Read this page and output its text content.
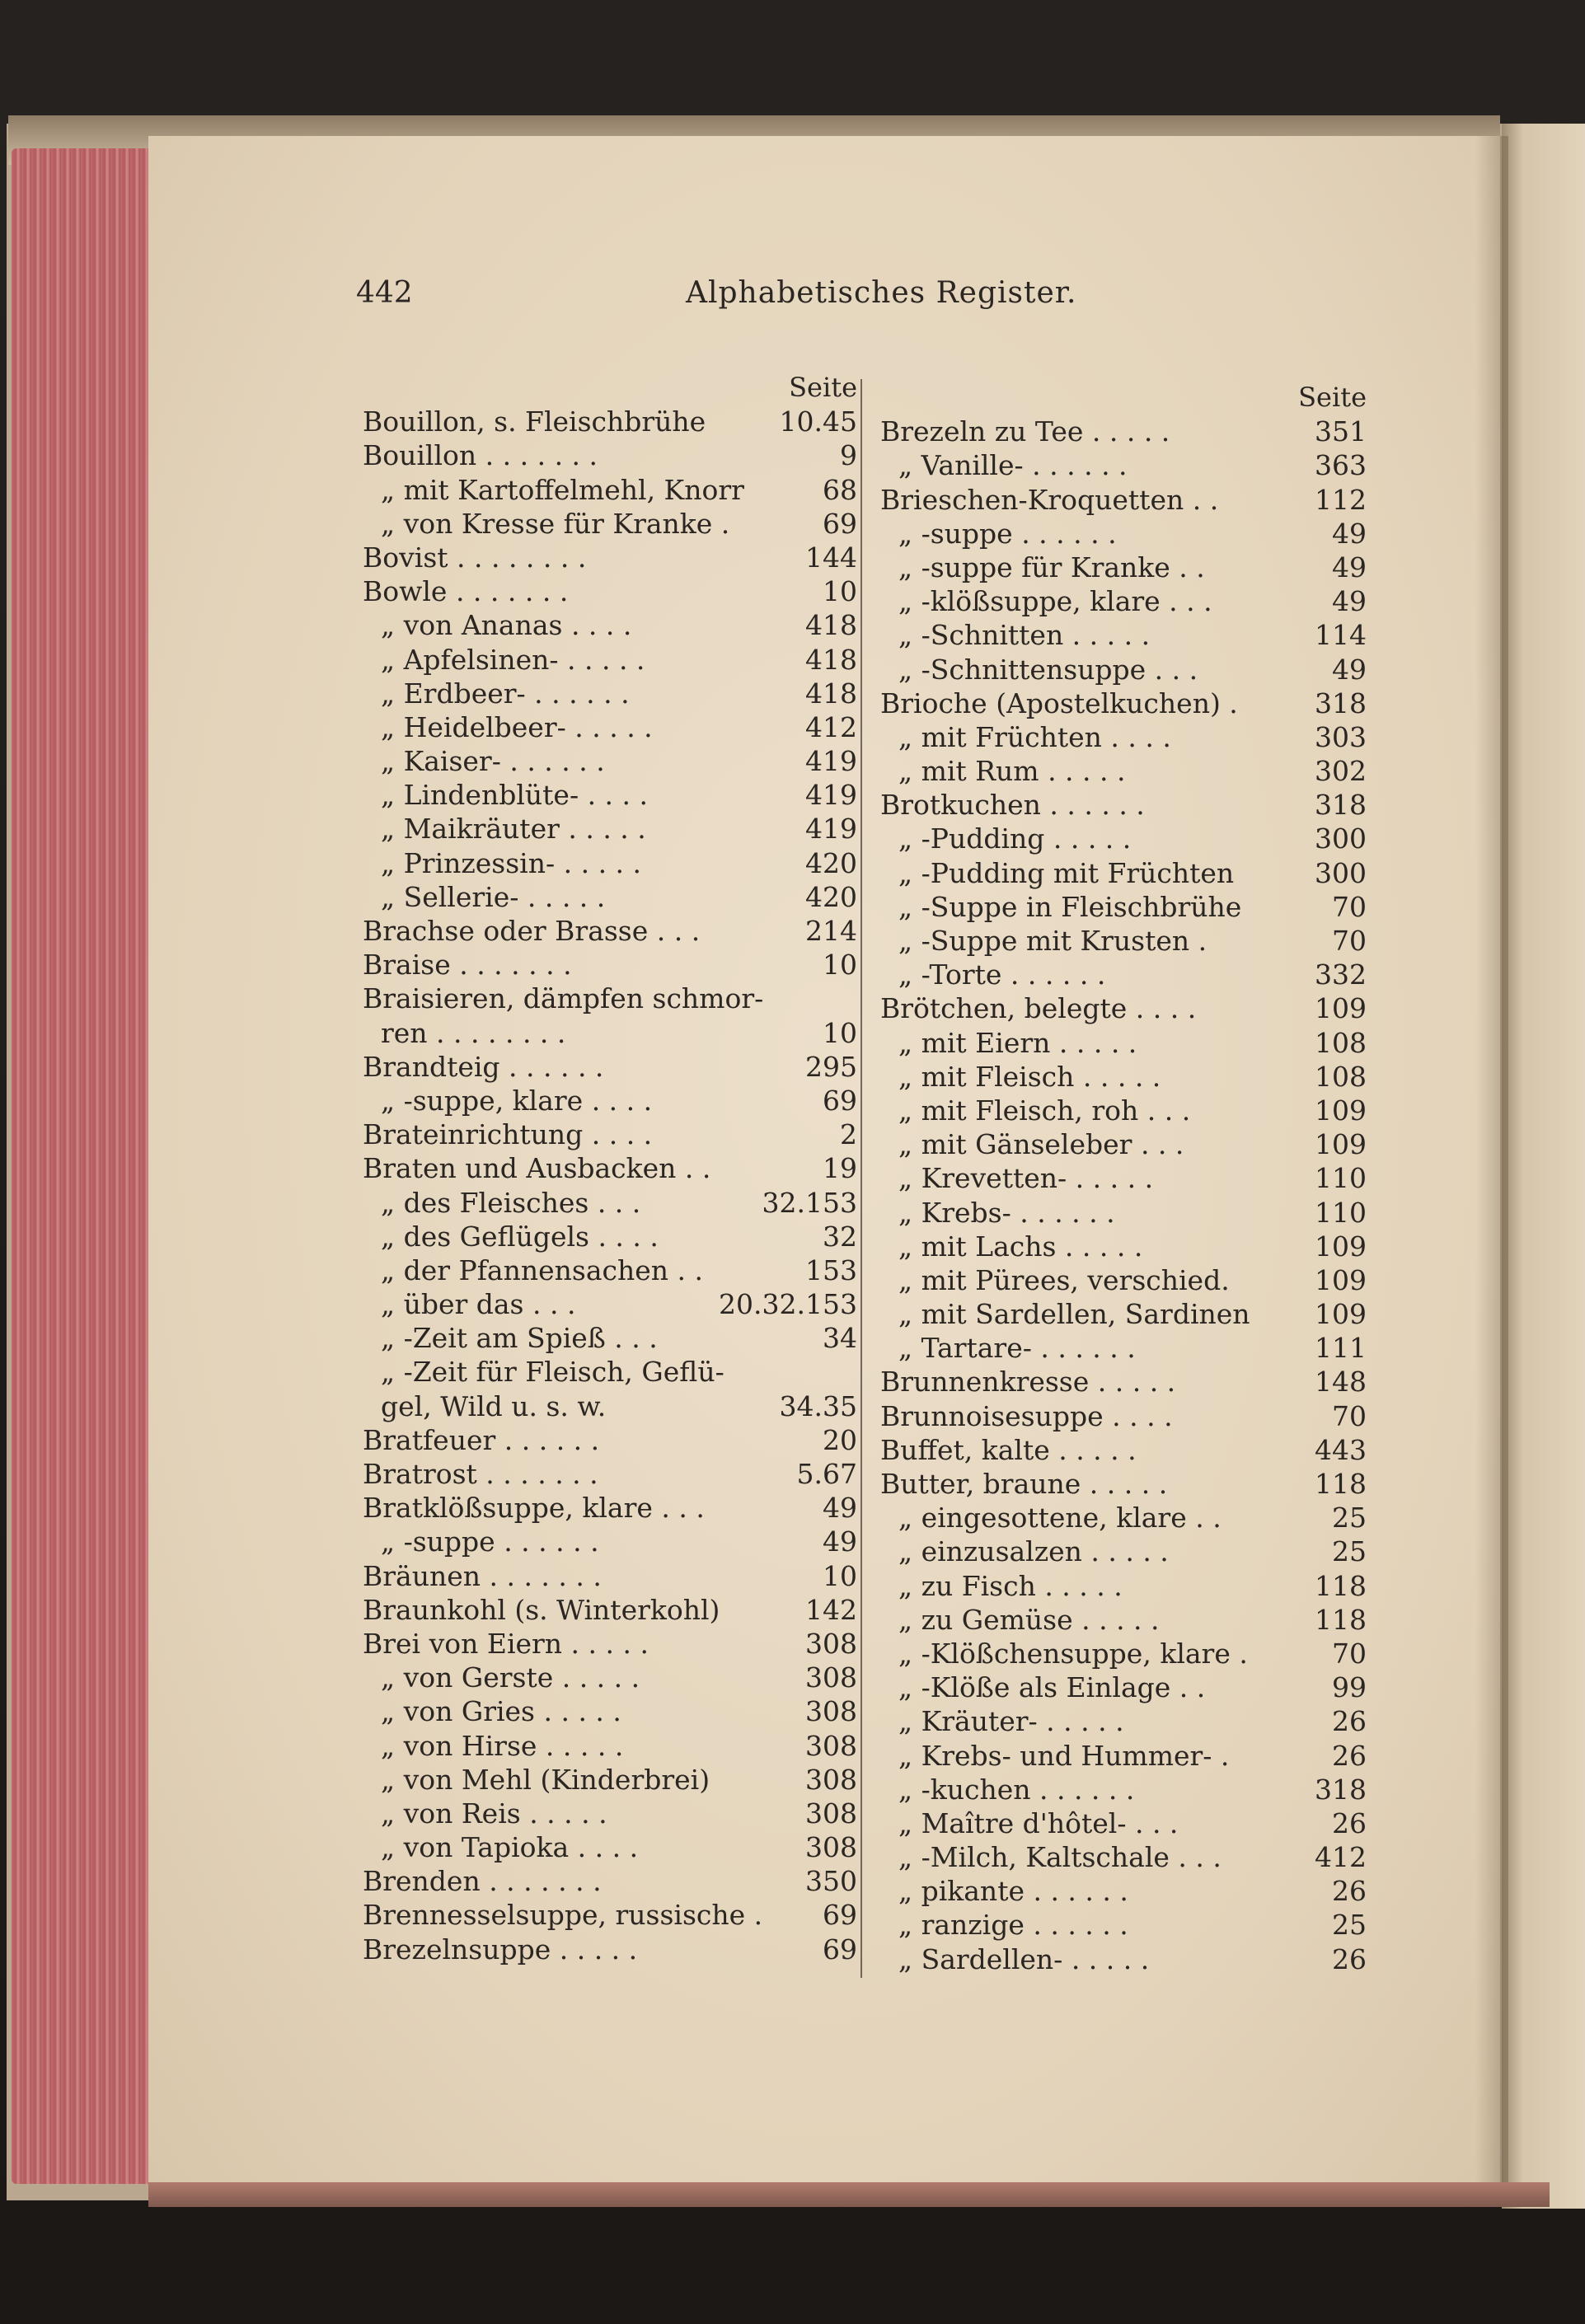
442	Alphabetisches Register.
Seite
Bouillon, s. Fleischbrühe	10.45
Bouillon . . . . . . .	9
„ mit Kartoffelmehl, Knorr	68
„ von Kresse für Kranke .	69
Bovist . . . . . . . .	144
Bowle . . . . . . .	10
„ von Ananas . . . .	418
„ Apfelsinen- . . . . .	418
„ Erdbeer- . . . . . .	418
„ Heidelbeer- . . . . .	412
„ Kaiser- . . . . . .	419
„ Lindenblüte- . . . .	419
„ Maikräuter . . . . .	419
„ Prinzessin- . . . . .	420
„ Sellerie- . . . . .	420
Brachse oder Brasse . . .	214
Braise . . . . . . .	10
Braisieren, dämpfen schmor-
ren . . . . . . . .	10
Brandteig . . . . . .	295
„ -suppe, klare . . . .	69
Brateinrichtung . . . .	2
Braten und Ausbacken . .	19
„ des Fleisches . . .	32.153
„ des Geflügels . . . .	32
„ der Pfannensachen . .	153
„ über das . . .	20.32.153
„ -Zeit am Spieß . . .	34
„ -Zeit für Fleisch, Geflü-
gel, Wild u. s. w.	34.35
Bratfeuer . . . . . .	20
Bratrost . . . . . . .	5.67
Bratklößsuppe, klare . . .	49
„ -suppe . . . . . .	49
Bräunen . . . . . . .	10
Braunkohl (s. Winterkohl)	142
Brei von Eiern . . . . .	308
„ von Gerste . . . . .	308
„ von Gries . . . . .	308
„ von Hirse . . . . .	308
„ von Mehl (Kinderbrei)	308
„ von Reis . . . . .	308
„ von Tapioka . . . .	308
Brenden . . . . . . .	350
Brennesselsuppe, russische . 69
Brezelnsuppe . . . . .	69
Seite
Brezeln zu Tee . . . . .	351
„ Vanille- . . . . . .	363
Brieschen-Kroquetten . .	112
„ -suppe . . . . . .	49
„ -suppe für Kranke . .	49
„ -klößsuppe, klare . . .	49
„ -Schnitten . . . . .	114
„ -Schnittensuppe . . .	49
Brioche (Apostelkuchen) .	318
„ mit Früchten . . . .	303
„ mit Rum . . . . .	302
Brotkuchen . . . . . .	318
„ -Pudding . . . . .	300
„ -Pudding mit Früchten	300
„ -Suppe in Fleischbrühe	70
„ -Suppe mit Krusten .	70
„ -Torte . . . . . .	332
Brötchen, belegte . . . .	109
„ mit Eiern . . . . .	108
„ mit Fleisch . . . . .	108
„ mit Fleisch, roh . . .	109
„ mit Gänseleber . . .	109
„ Krevetten- . . . . .	110
„ Krebs- . . . . . .	110
„ mit Lachs . . . . .	109
„ mit Pürees, verschied.	109
„ mit Sardellen, Sardinen 109
„ Tartare- . . . . . .	111
Brunnenkresse . . . . .	148
Brunnoisesuppe . . . .	70
Buffet, kalte . . . . .	443
Butter, braune . . . . .	118
„ eingesottene, klare . .	25
„ einzusalzen . . . . .	25
„ zu Fisch . . . . .	118
„ zu Gemüse . . . . .	118
„ -Klößchensuppe, klare .	70
„ -Klöße als Einlage . .	99
„ Kräuter- . . . . .	26
„ Krebs- und Hummer- .	26
„ -kuchen . . . . . .	318
„ Maître d'hôtel- . . .	26
„ -Milch, Kaltschale . . .	412
„ pikante . . . . . .	26
„ ranzige . . . . . .	25
„ Sardellen- . . . . .	26
